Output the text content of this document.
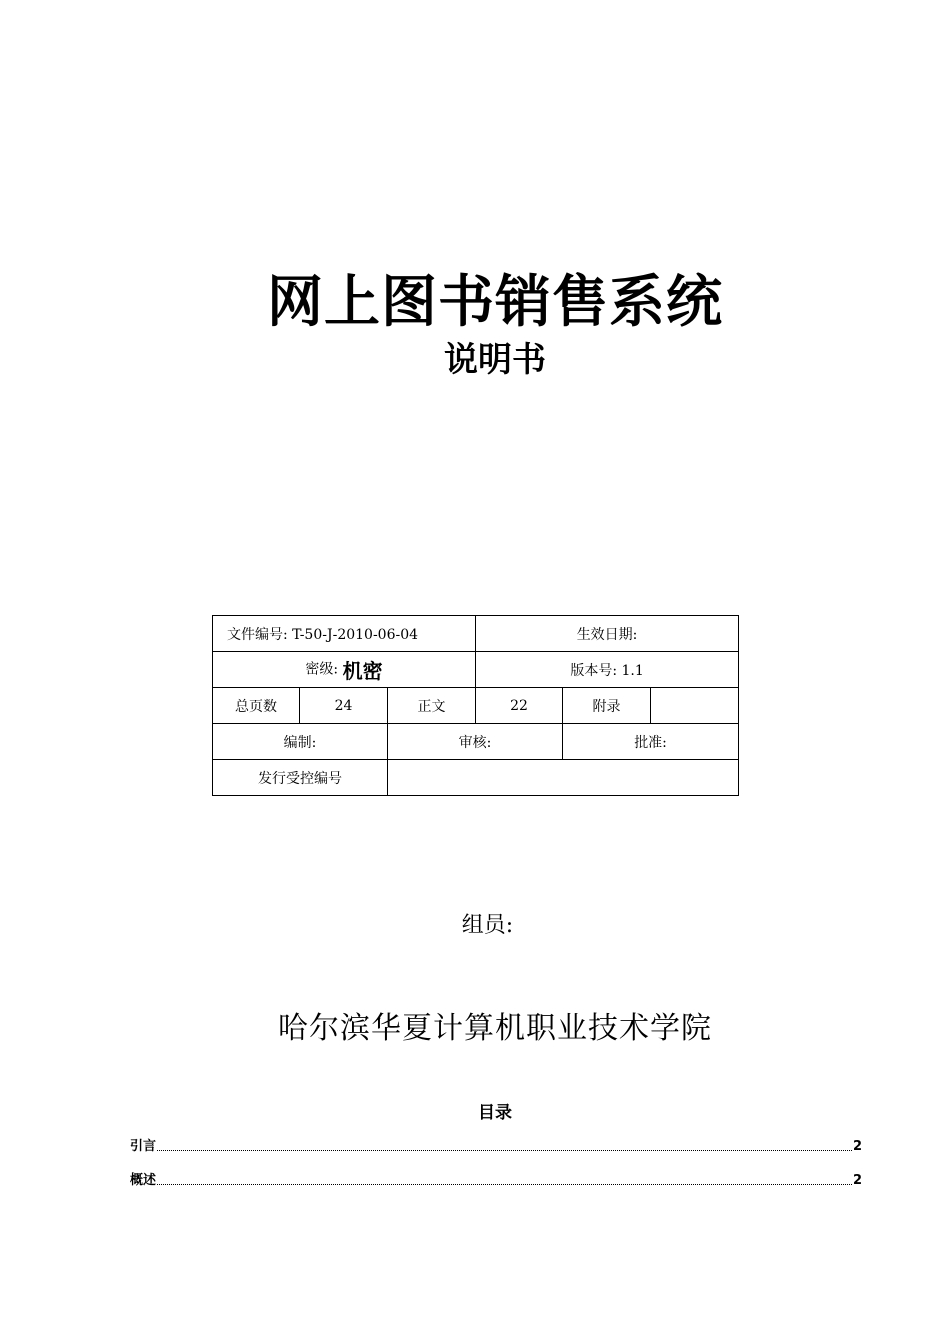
网上图书销售系统
说明书
文件编号: T-50-J-2010-06-04			生效日期:		
密级: 机密			版本号: 1.1		
总页数	24	正文	22	附录	
编制:		审核:		批准:	
发行受控编号					
组员:
哈尔滨华夏计算机职业技术学院
目录
引言	2
概述	2
